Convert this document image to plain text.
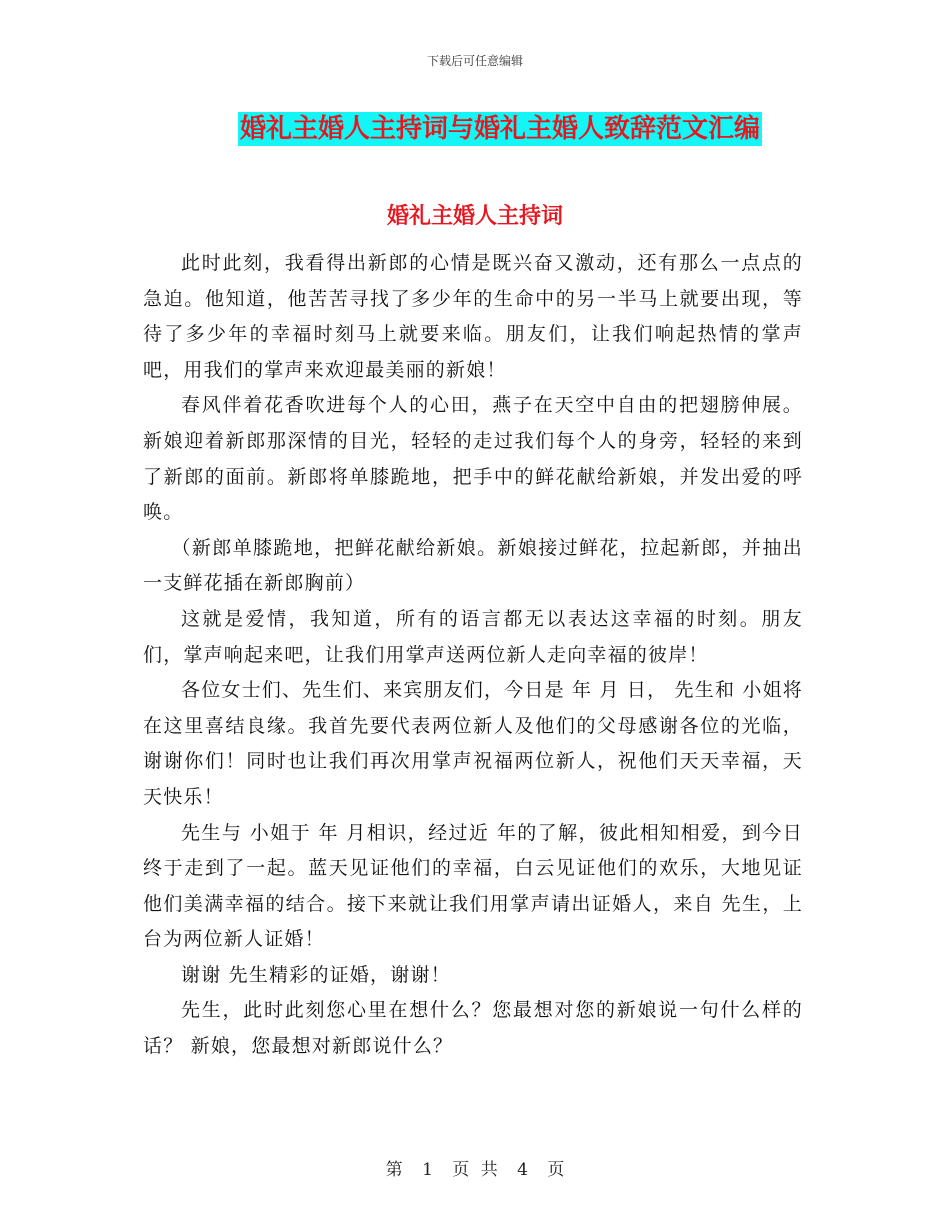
下载后可任意编辑
婚礼主婚人主持词与婚礼主婚人致辞范文汇编
婚礼主婚人主持词

此时此刻，我看得出新郎的心情是既兴奋又激动，还有那么一点点的急迫。他知道，他苦苦寻找了多少年的生命中的另一半马上就要出现，等待了多少年的幸福时刻马上就要来临。朋友们，让我们响起热情的掌声吧，用我们的掌声来欢迎最美丽的新娘！

春风伴着花香吹进每个人的心田，燕子在天空中自由的把翅膀伸展。新娘迎着新郎那深情的目光，轻轻的走过我们每个人的身旁，轻轻的来到了新郎的面前。新郎将单膝跪地，把手中的鲜花献给新娘，并发出爱的呼唤。

（新郎单膝跪地，把鲜花献给新娘。新娘接过鲜花，拉起新郎，并抽出一支鲜花插在新郎胸前）

这就是爱情，我知道，所有的语言都无以表达这幸福的时刻。朋友们，掌声响起来吧，让我们用掌声送两位新人走向幸福的彼岸！

各位女士们、先生们、来宾朋友们，今日是 年 月 日， 先生和 小姐将在这里喜结良缘。我首先要代表两位新人及他们的父母感谢各位的光临，谢谢你们！同时也让我们再次用掌声祝福两位新人，祝他们天天幸福，天天快乐！

先生与 小姐于 年 月相识，经过近 年的了解，彼此相知相爱，到今日终于走到了一起。蓝天见证他们的幸福，白云见证他们的欢乐，大地见证他们美满幸福的结合。接下来就让我们用掌声请出证婚人，来自 先生，上台为两位新人证婚！

谢谢 先生精彩的证婚，谢谢！

先生，此时此刻您心里在想什么？您最想对您的新娘说一句什么样的话？ 新娘，您最想对新郎说什么？

第 1 页 共 4 页
